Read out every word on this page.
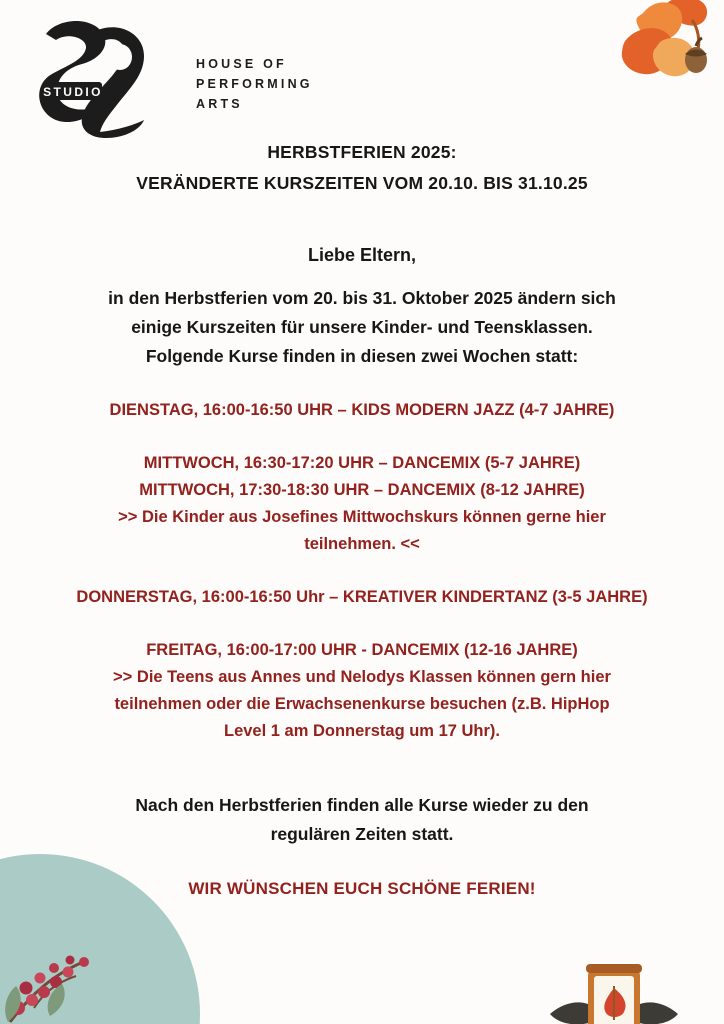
STUDIO
HOUSE OF
PERFORMING
ARTS
HERBSTFERIEN 2025:
VERÄNDERTE KURSZEITEN VOM 20.10. BIS 31.10.25
Liebe Eltern,
in den Herbstferien vom 20. bis 31. Oktober 2025 ändern sich
einige Kurszeiten für unsere Kinder- und Teensklassen.
Folgende Kurse finden in diesen zwei Wochen statt:
DIENSTAG, 16:00-16:50 UHR – KIDS MODERN JAZZ (4-7 JAHRE)
MITTWOCH, 16:30-17:20 UHR – DANCEMIX (5-7 JAHRE)
MITTWOCH, 17:30-18:30 UHR – DANCEMIX (8-12 JAHRE)
>> Die Kinder aus Josefines Mittwochskurs können gerne hier
teilnehmen. <<
DONNERSTAG, 16:00-16:50 Uhr – KREATIVER KINDERTANZ (3-5 JAHRE)
FREITAG, 16:00-17:00 UHR - DANCEMIX (12-16 JAHRE)
>> Die Teens aus Annes und Nelodys Klassen können gern hier
teilnehmen oder die Erwachsenenkurse besuchen (z.B. HipHop
Level 1 am Donnerstag um 17 Uhr).
Nach den Herbstferien finden alle Kurse wieder zu den
regulären Zeiten statt.
WIR WÜNSCHEN EUCH SCHÖNE FERIEN!
